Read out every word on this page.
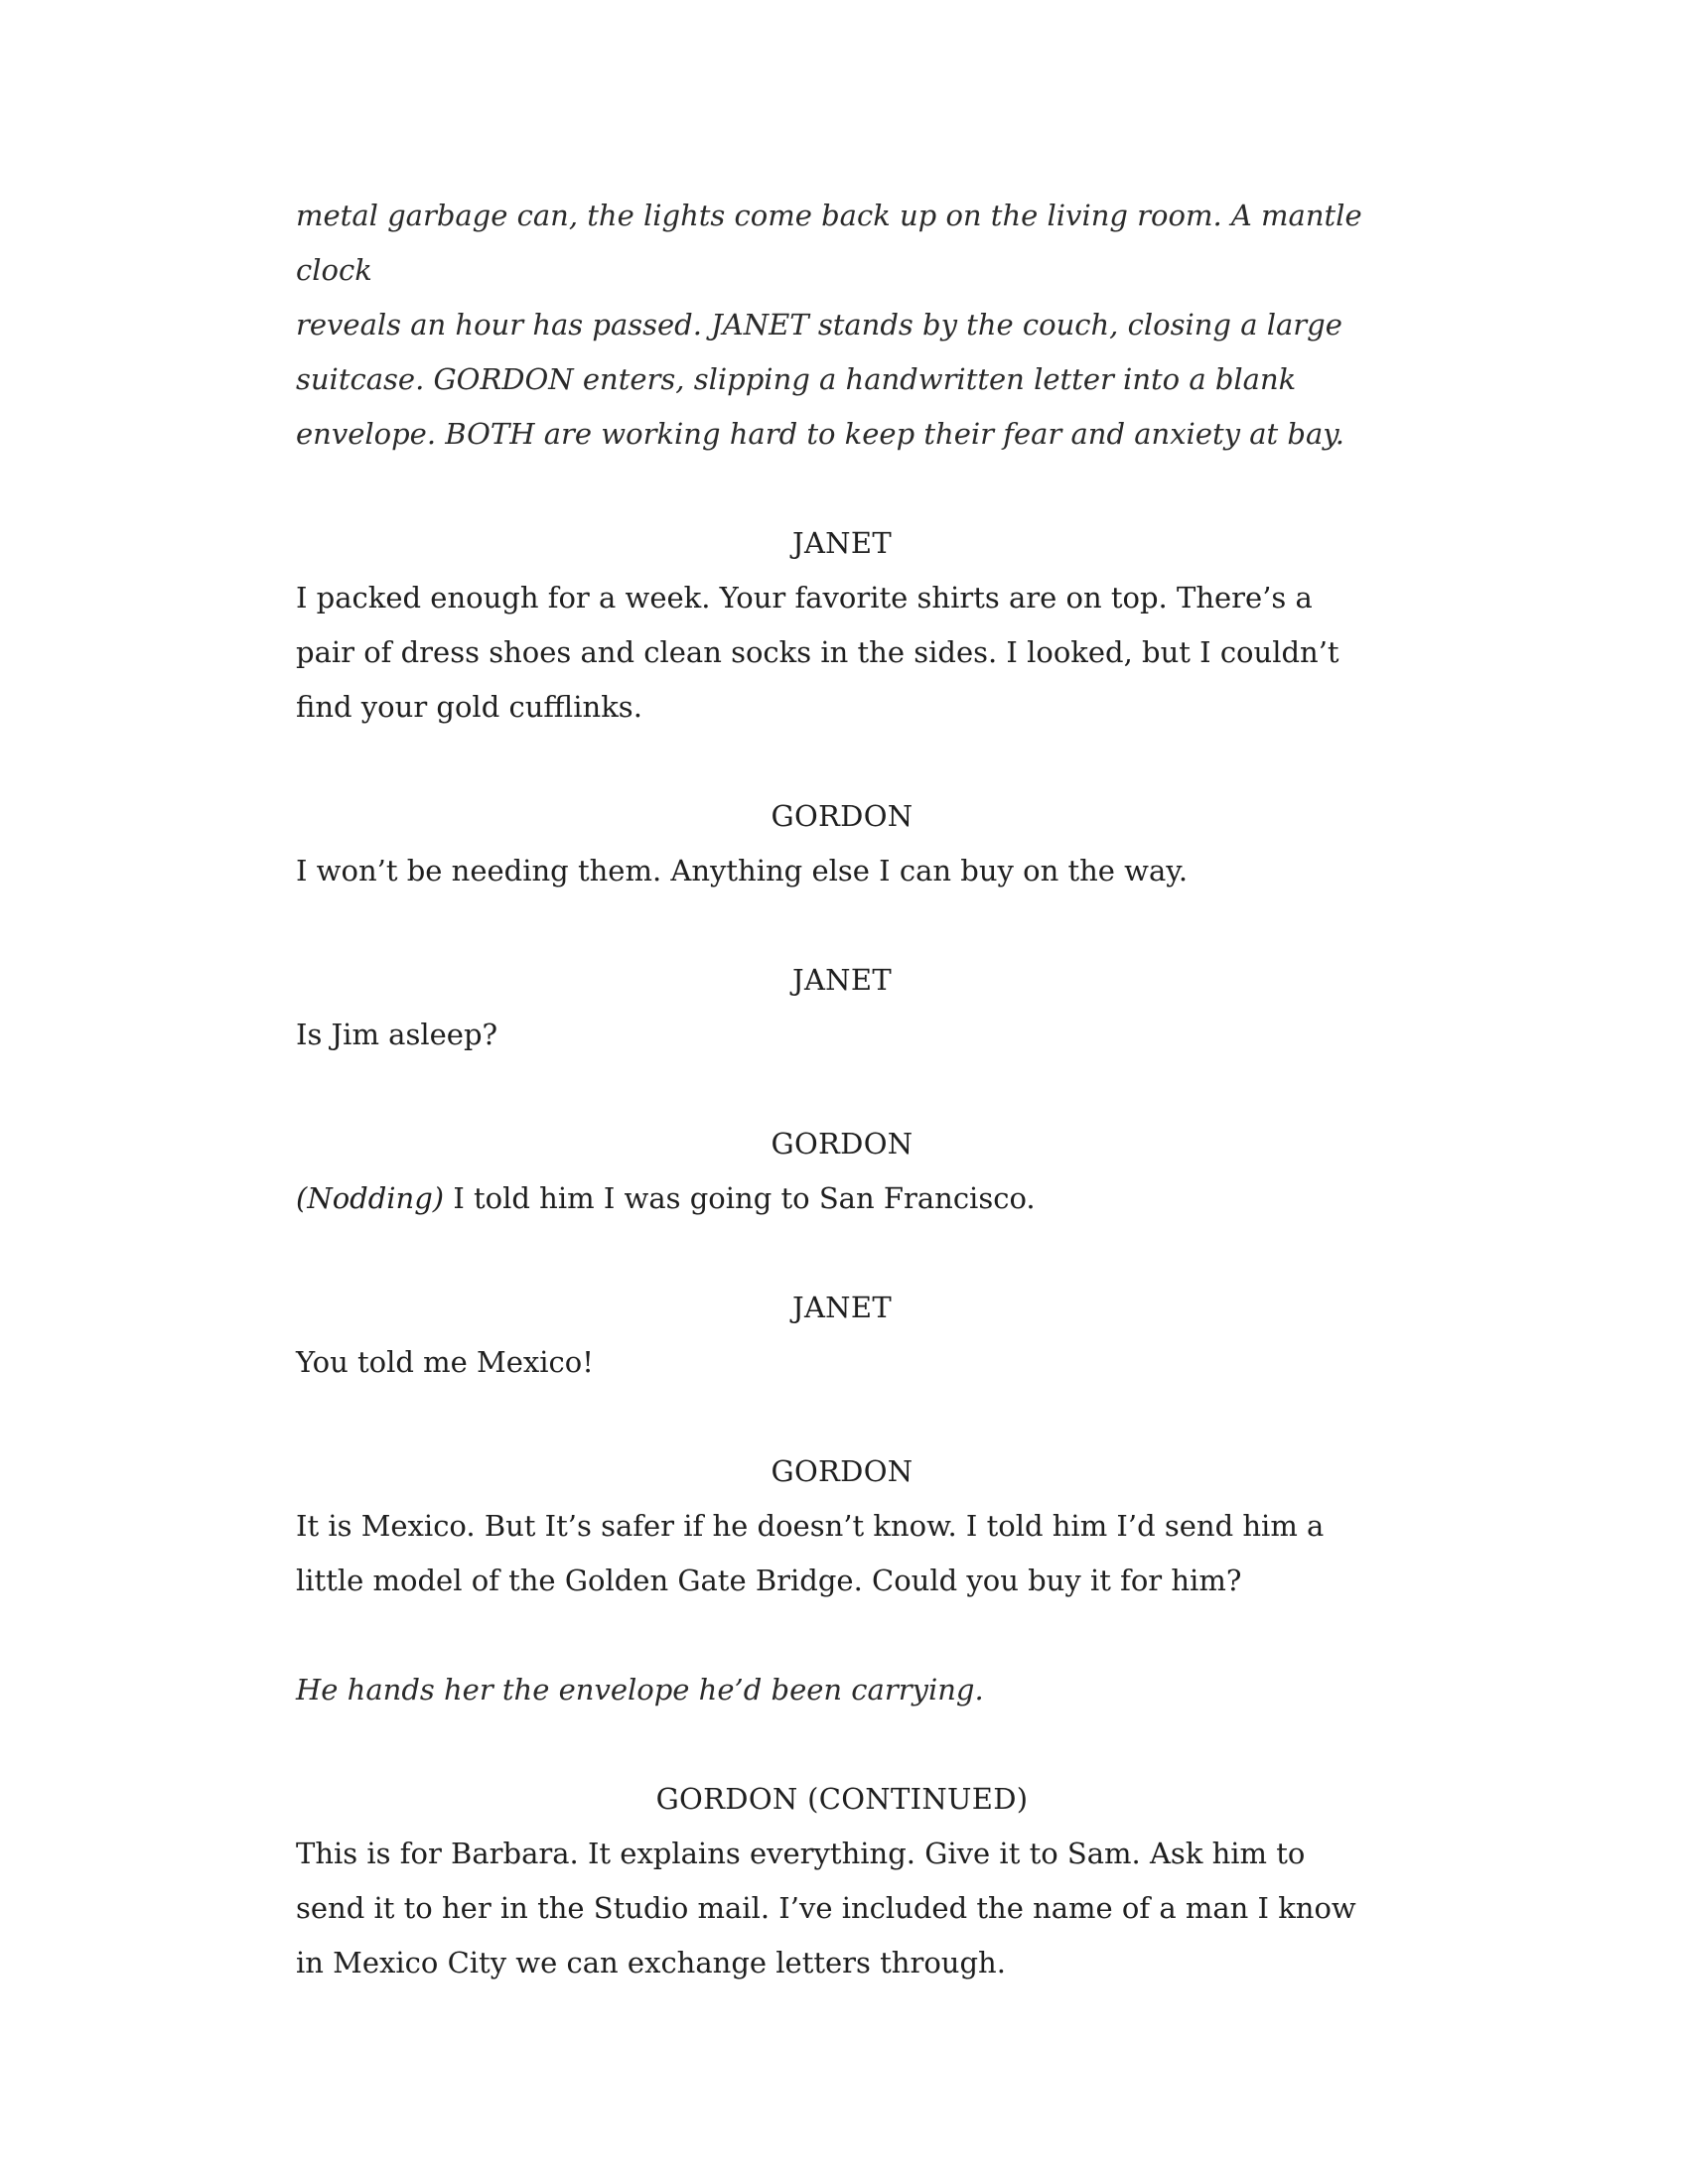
metal garbage can, the lights come back up on the living room. A mantle clock

reveals an hour has passed. JANET stands by the couch, closing a large

suitcase. GORDON enters, slipping a handwritten letter into a blank

envelope. BOTH are working hard to keep their fear and anxiety at bay.

JANET

I packed enough for a week. Your favorite shirts are on top. There’s a

pair of dress shoes and clean socks in the sides. I looked, but I couldn’t

find your gold cufflinks.

GORDON

I won’t be needing them. Anything else I can buy on the way.

JANET

Is Jim asleep?

GORDON

(Nodding) I told him I was going to San Francisco.

JANET

You told me Mexico!

GORDON

It is Mexico. But It’s safer if he doesn’t know. I told him I’d send him a

little model of the Golden Gate Bridge. Could you buy it for him?

He hands her the envelope he’d been carrying.

GORDON (CONTINUED)

This is for Barbara. It explains everything. Give it to Sam. Ask him to

send it to her in the Studio mail. I’ve included the name of a man I know

in Mexico City we can exchange letters through.
